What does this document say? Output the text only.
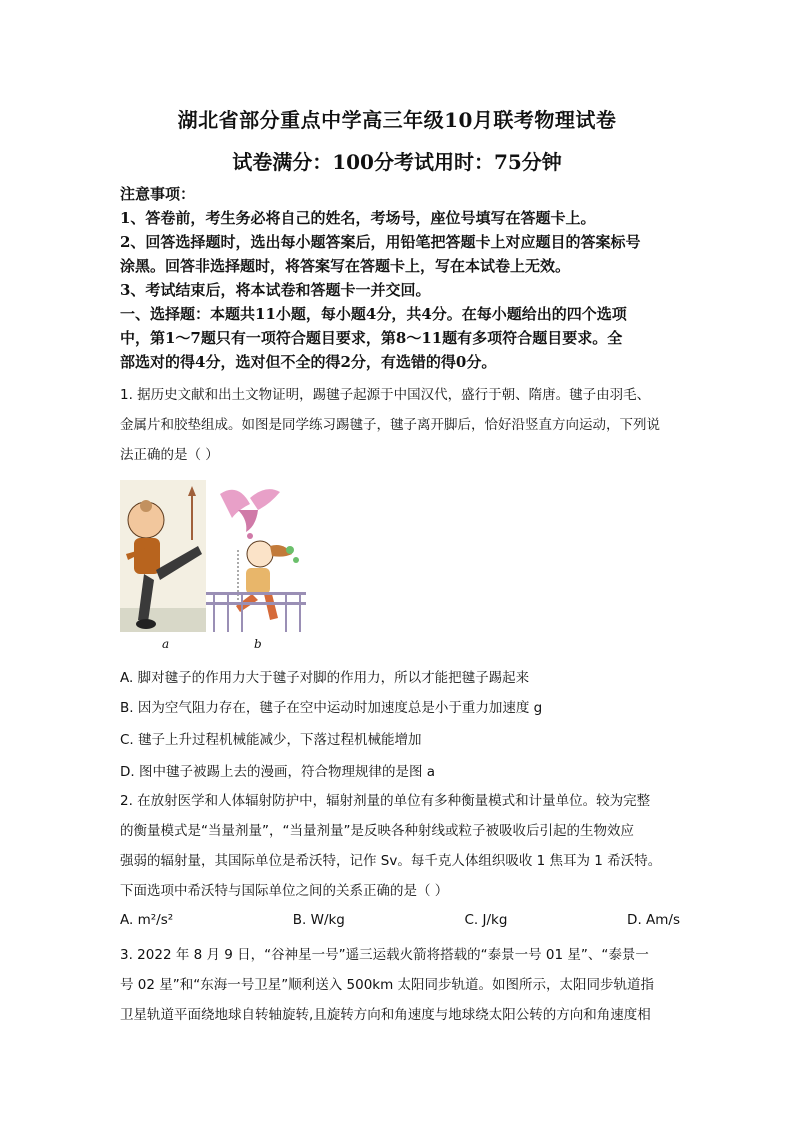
湖北省部分重点中学高三年级10月联考物理试卷
试卷满分：100分考试用时：75分钟

注意事项：

1、答卷前，考生务必将自己的姓名，考场号，座位号填写在答题卡上。

2、回答选择题时，选出每小题答案后，用铅笔把答题卡上对应题目的答案标号

涂黑。回答非选择题时，将答案写在答题卡上，写在本试卷上无效。

3、考试结束后，将本试卷和答题卡一并交回。

一、选择题：本题共11小题，每小题4分，共4分。在每小题给出的四个选项

中，第1～7题只有一项符合题目要求，第8～11题有多项符合题目要求。全

部选对的得4分，选对但不全的得2分，有选错的得0分。

1. 据历史文献和出土文物证明，踢毽子起源于中国汉代，盛行于朝、隋唐。毽子由羽毛、

金属片和胶垫组成。如图是同学练习踢毽子，毽子离开脚后，恰好沿竖直方向运动，下列说

法正确的是（ ）

a	b
A. 脚对毽子的作用力大于毽子对脚的作用力，所以才能把毽子踢起来
B. 因为空气阻力存在，毽子在空中运动时加速度总是小于重力加速度 g
C. 毽子上升过程机械能减少，下落过程机械能增加
D. 图中毽子被踢上去的漫画，符合物理规律的是图 a

2. 在放射医学和人体辐射防护中，辐射剂量的单位有多种衡量模式和计量单位。较为完整

的衡量模式是“当量剂量”，“当量剂量”是反映各种射线或粒子被吸收后引起的生物效应

强弱的辐射量，其国际单位是希沃特，记作 Sv。每千克人体组织吸收 1 焦耳为 1 希沃特。

下面选项中希沃特与国际单位之间的关系正确的是（ ）

A. m²/s²	B. W/kg	C. J/kg	D. Am/s

3. 2022 年 8 月 9 日，“谷神星一号”遥三运载火箭将搭载的“泰景一号 01 星”、“泰景一

号 02 星”和“东海一号卫星”顺利送入 500km 太阳同步轨道。如图所示，太阳同步轨道指

卫星轨道平面绕地球自转轴旋转,且旋转方向和角速度与地球绕太阳公转的方向和角速度相
